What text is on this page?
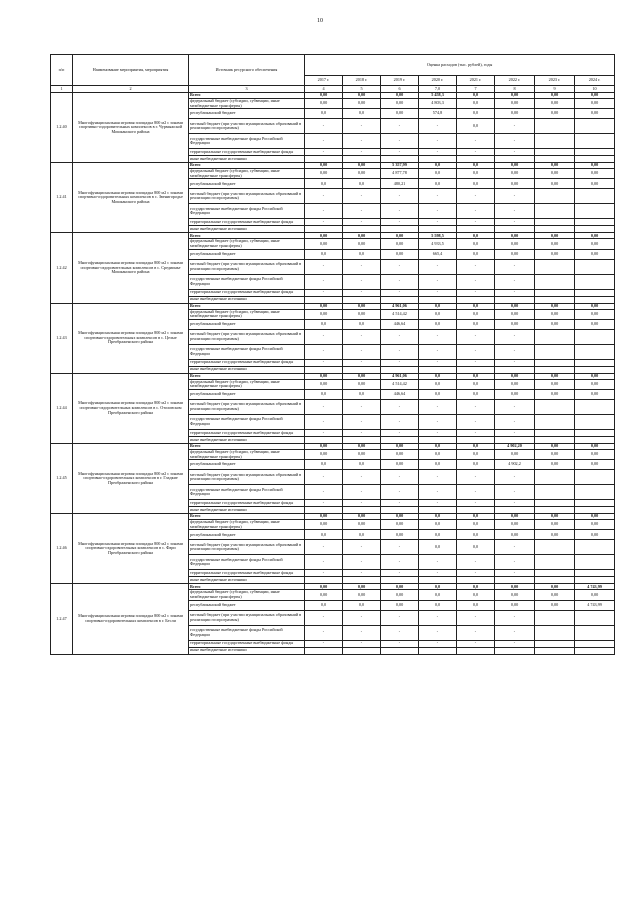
10
п/п	Наименование мероприятия, мероприятия	Источник ресурсного обеспечения	Оценка расходов (тыс. рублей), годы							
			2017 г.	2018 г.	2019 г.	2020 г.	2021 г.	2022 г.	2023 г.	2024 г.
1	2	3	4	5	6	7,0	7	8	9	10
1.2.40	Многофункциональная игровая площадка 800 м2 с зонами спортивно-оздоровительных комплексов в г. Чурмыжской Мошканского района	Всего	0,00	0,00	0,00	5 458,3	0,0	0,00	0,00	0,00
		федеральный бюджет (субсидии, субвенции, иные межбюджетные трансферты)	0,00	0,00	0,00	4 803,3	0,0	0,00	0,00	0,00
		республиканский бюджет	0,0	0,0	0,00	574,8	0,0	0,00	0,00	0,00
		местный бюджет (при участии муниципальных образований в реализации госпрограммы)	-	-	-	-	0,0	-		
		государственные внебюджетные фонды Российской Федерации	-	-	-	-	-	-		
		территориальные государственные внебюджетные фонды	-	-	-	-	-	-		
		иные внебюджетные источники								
1.2.41	Многофункциональная игровая площадка 800 м2 с зонами спортивно-оздоровительных комплексов в с. Звенигородье Мошканского района	Всего	0,00	0,00	5 357,99	0,0	0,0	0,00	0,00	0,00
		федеральный бюджет (субсидии, субвенции, иные межбюджетные трансферты)	0,00	0,00	4 877,78	0,0	0,0	0,00	0,00	0,00
		республиканский бюджет	0,0	0,0	480,21	0,0	0,0	0,00	0,00	0,00
		местный бюджет (при участии муниципальных образований в реализации госпрограммы)	-	-	-	-	-	-		
		государственные внебюджетные фонды Российской Федерации	-	-	-	-	-	-		
		территориальные государственные внебюджетные фонды	-	-	-	-	-	-		
		иные внебюджетные источники								
1.2.42	Многофункциональная игровая площадка 800 м2 с зонами спортивно-оздоровительных комплексов в с. Средиинье Мошканского района	Всего	0,00	0,00	0,00	5 598,5	0,0	0,00	0,00	0,00
		федеральный бюджет (субсидии, субвенции, иные межбюджетные трансферты)	0,00	0,00	0,00	4 933,5	0,0	0,00	0,00	0,00
		республиканский бюджет	0,0	0,0	0,00	665,4	0,0	0,00	0,00	0,00
		местный бюджет (при участии муниципальных образований в реализации госпрограммы)	-	-	-	-	-	-		
		государственные внебюджетные фонды Российской Федерации	-	-	-	-	-	-		
		территориальные государственные внебюджетные фонды	-	-	-	-	-	-		
		иные внебюджетные источники								
1.2.43	Многофункциональная игровая площадка 800 м2 с зонами спортивно-оздоровительных комплексов в с. Целые Преображенского района	Всего	0,00	0,00	4 961,06	0,0	0,0	0,00	0,00	0,00
		федеральный бюджет (субсидии, субвенции, иные межбюджетные трансферты)	0,00	0,00	4 514,42	0,0	0,0	0,00	0,00	0,00
		республиканский бюджет	0,0	0,0	446,64	0,0	0,0	0,00	0,00	0,00
		местный бюджет (при участии муниципальных образований в реализации госпрограммы)	-	-	-	-	-	-		
		государственные внебюджетные фонды Российской Федерации	-	-	-	-	-	-		
		территориальные государственные внебюджетные фонды	-	-	-	-	-	-		
		иные внебюджетные источники								
1.2.44	Многофункциональная игровая площадка 800 м2 с зонами спортивно-оздоровительных комплексов в с. Отоловском Преображенского района	Всего	0,00	0,00	4 961,06	0,0	0,0	0,00	0,00	0,00
		федеральный бюджет (субсидии, субвенции, иные межбюджетные трансферты)	0,00	0,00	4 514,42	0,0	0,0	0,00	0,00	0,00
		республиканский бюджет	0,0	0,0	446,64	0,0	0,0	0,00	0,00	0,00
		местный бюджет (при участии муниципальных образований в реализации госпрограммы)	-	-	-	-	-	-		
		государственные внебюджетные фонды Российской Федерации	-	-	-	-	-	-		
		территориальные государственные внебюджетные фонды	-	-	-	-	-	-		
		иные внебюджетные источники								
1.2.45	Многофункциональная игровая площадка 800 м2 с зонами спортивно-оздоровительных комплексов в г. Гладкие Преображенского района	Всего	0,00	0,00	0,00	0,0	0,0	4 902,20	0,00	0,00
		федеральный бюджет (субсидии, субвенции, иные межбюджетные трансферты)	0,00	0,00	0,00	0,0	0,0	0,00	0,00	0,00
		республиканский бюджет	0,0	0,0	0,00	0,0	0,0	4 902,2	0,00	0,00
		местный бюджет (при участии муниципальных образований в реализации госпрограммы)	-	-	-	-	-	-		
		государственные внебюджетные фонды Российской Федерации	-	-	-	-	-	-		
		территориальные государственные внебюджетные фонды	-	-	-	-	-	-		
		иные внебюджетные источники								
1.2.46	Многофункциональная игровая площадка 800 м2 с зонами спортивно-оздоровительных комплексов в с. Фари Преображенского района	Всего	0,00	0,00	0,00	0,0	0,0	0,00	0,00	0,00
		федеральный бюджет (субсидии, субвенции, иные межбюджетные трансферты)	0,00	0,00	0,00	0,0	0,0	0,00	0,00	0,00
		республиканский бюджет	0,0	0,0	0,00	0,0	0,0	0,00	0,00	0,00
		местный бюджет (при участии муниципальных образований в реализации госпрограммы)	-	-	-	0,0	0,0	-		
		государственные внебюджетные фонды Российской Федерации	-	-	-	-	-	-		
		территориальные государственные внебюджетные фонды	-	-	-	-	-	-		
		иные внебюджетные источники								
1.2.47	Многофункциональная игровая площадка 800 м2 с зонами спортивно-оздоровительных комплексов в г. Бесли	Всего	0,00	0,00	0,00	0,0	0,0	0,00	0,00	4 743,99
		федеральный бюджет (субсидии, субвенции, иные межбюджетные трансферты)	0,00	0,00	0,00	0,0	0,0	0,00	0,00	0,00
		республиканский бюджет	0,0	0,0	0,00	0,0	0,0	0,00	0,00	4 743,99
		местный бюджет (при участии муниципальных образований в реализации госпрограммы)	-	-	-	-	-	-		
		государственные внебюджетные фонды Российской Федерации	-	-	-	-	-	-		
		территориальные государственные внебюджетные фонды	-	-	-	-	-	-		
		иные внебюджетные источники								
